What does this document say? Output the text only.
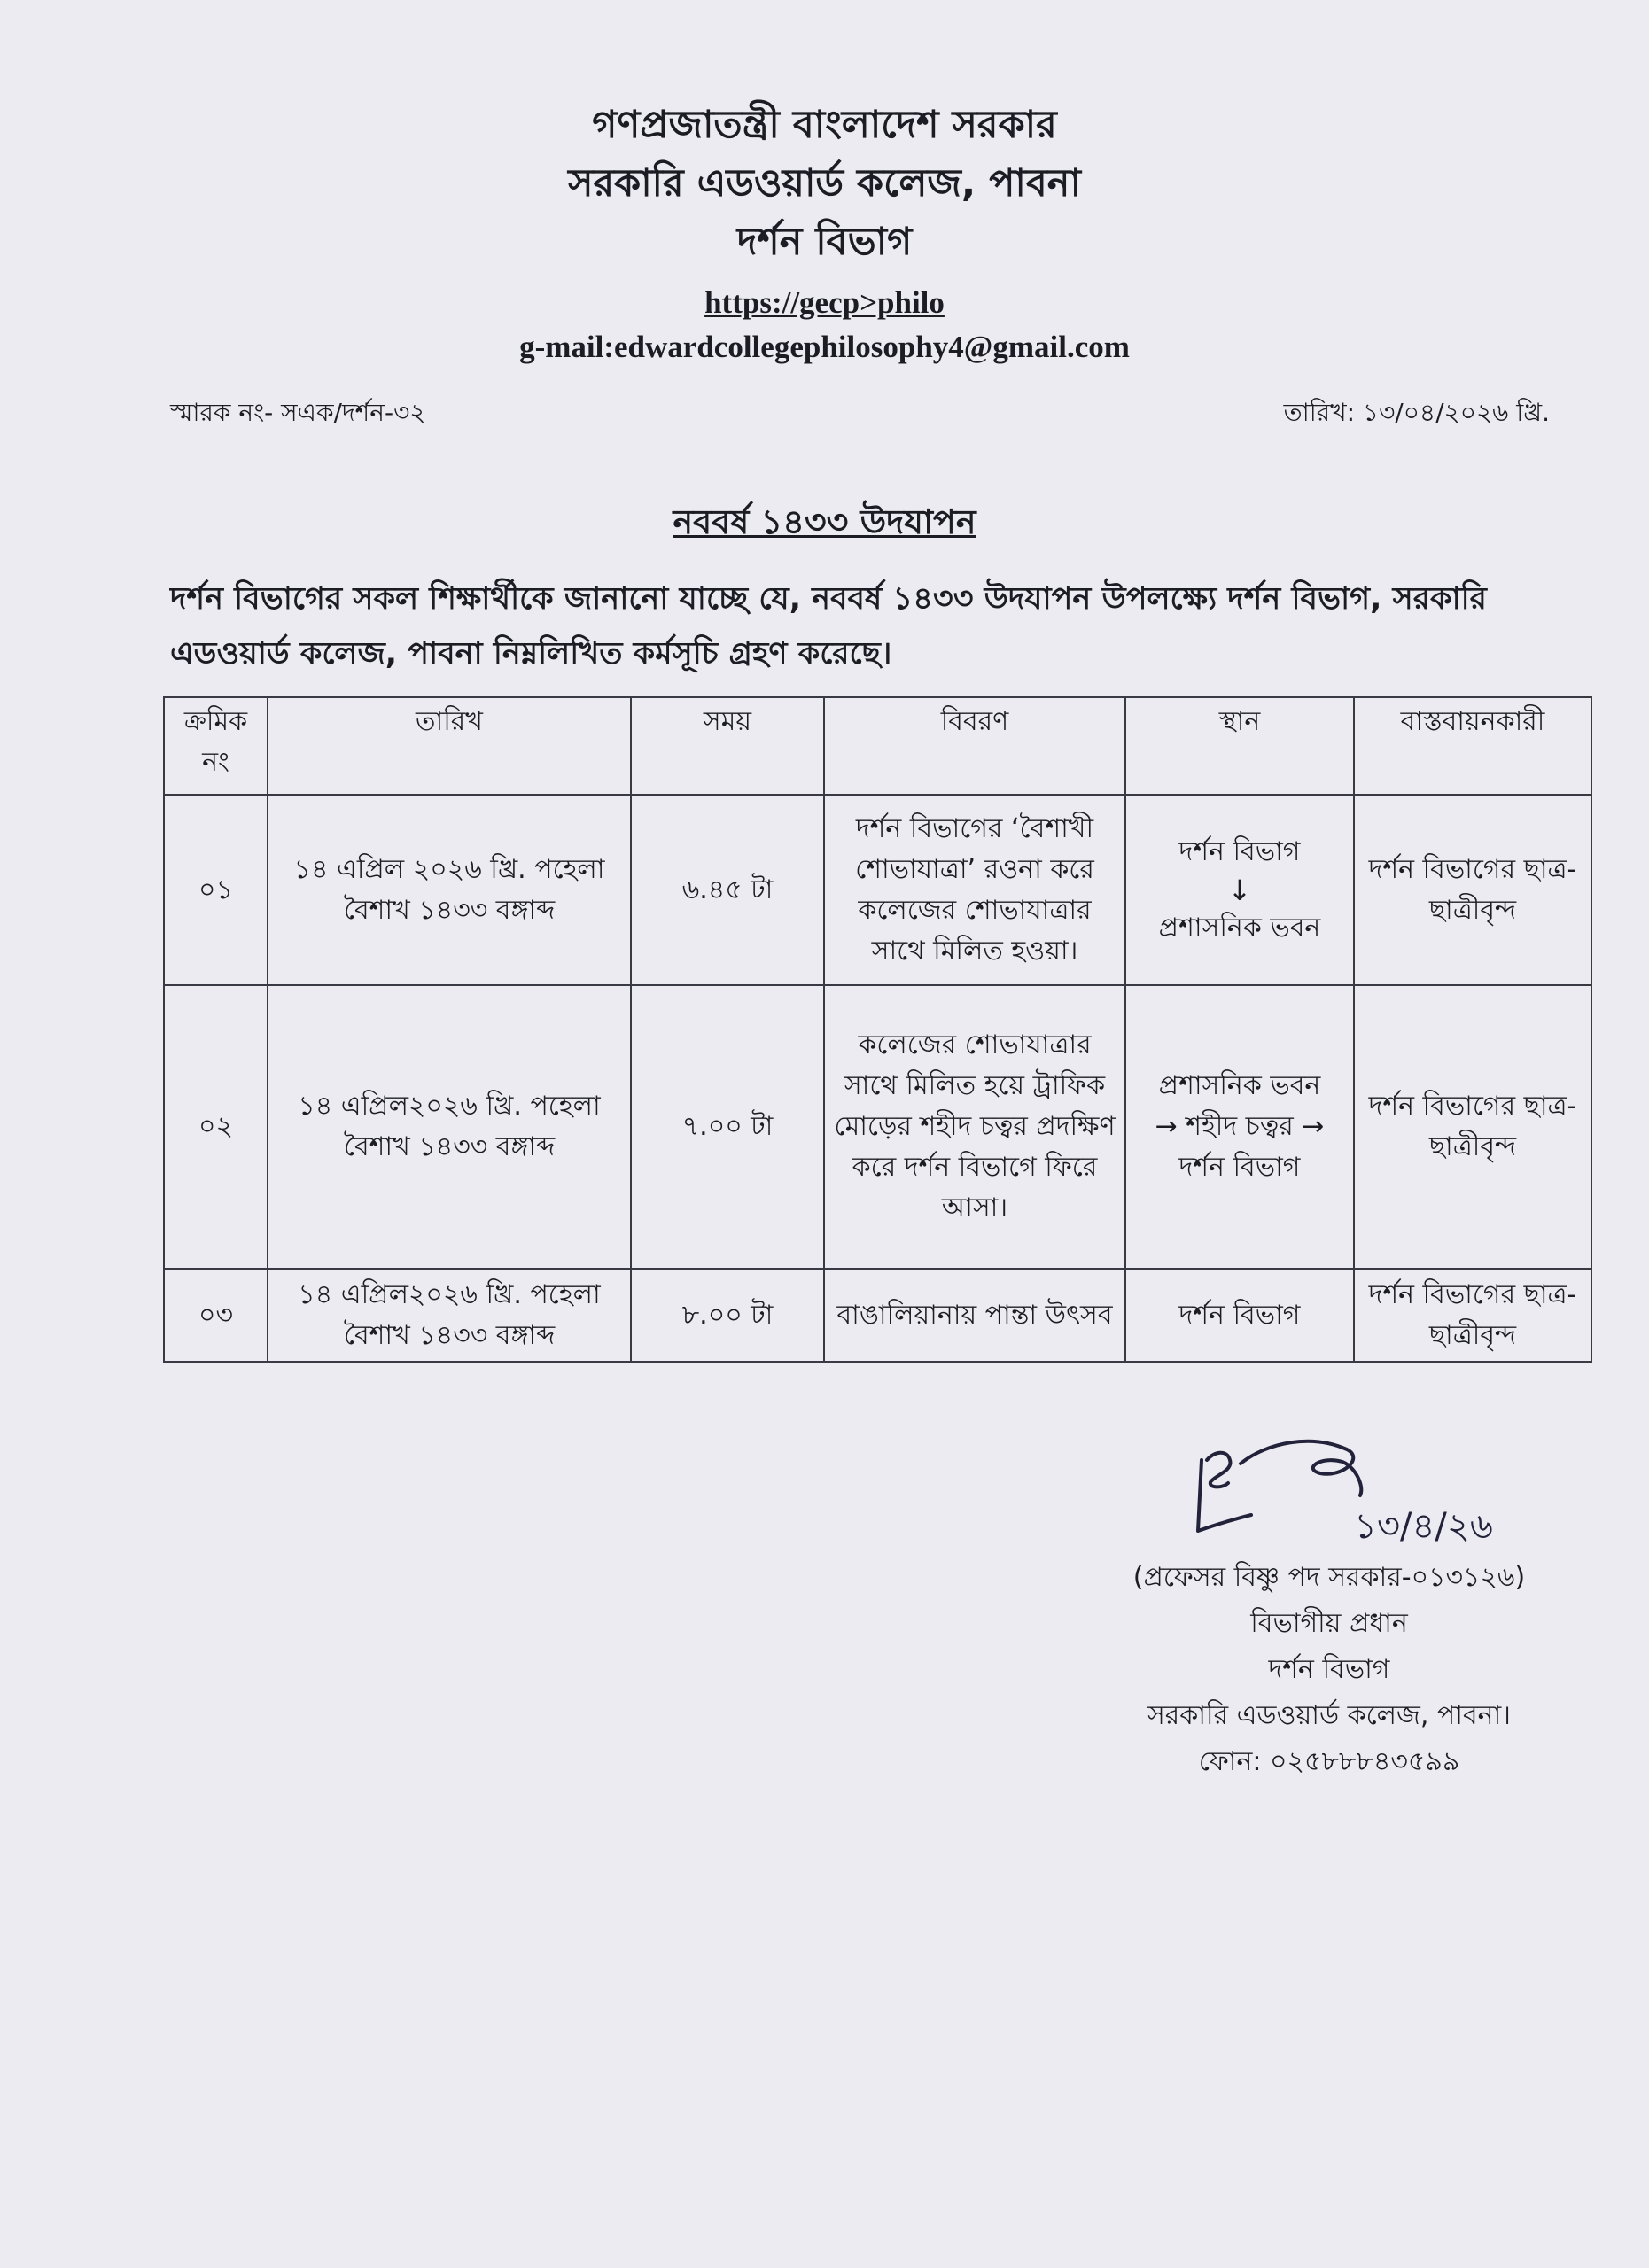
গণপ্রজাতন্ত্রী বাংলাদেশ সরকার
সরকারি এডওয়ার্ড কলেজ, পাবনা
দর্শন বিভাগ
https://gecp>philo
g-mail:edwardcollegephilosophy4@gmail.com
স্মারক নং- সএক/দর্শন-৩২	তারিখ: ১৩/০৪/২০২৬ খ্রি.
নববর্ষ ১৪৩৩ উদযাপন
দর্শন বিভাগের সকল শিক্ষার্থীকে জানানো যাচ্ছে যে, নববর্ষ ১৪৩৩ উদযাপন উপলক্ষ্যে দর্শন বিভাগ, সরকারি এডওয়ার্ড কলেজ, পাবনা নিম্নলিখিত কর্মসূচি গ্রহণ করেছে।
ক্রমিক নং	তারিখ	সময়	বিবরণ	স্থান	বাস্তবায়নকারী
০১	১৪ এপ্রিল ২০২৬ খ্রি. পহেলা বৈশাখ ১৪৩৩ বঙ্গাব্দ	৬.৪৫ টা	দর্শন বিভাগের ‘বৈশাখী শোভাযাত্রা’ রওনা করে কলেজের শোভাযাত্রার সাথে মিলিত হওয়া।	দর্শন বিভাগ
↓
প্রশাসনিক ভবন	দর্শন বিভাগের ছাত্র-ছাত্রীবৃন্দ
০২	১৪ এপ্রিল২০২৬ খ্রি. পহেলা বৈশাখ ১৪৩৩ বঙ্গাব্দ	৭.০০ টা	কলেজের শোভাযাত্রার সাথে মিলিত হয়ে ট্রাফিক মোড়ের শহীদ চত্বর প্রদক্ষিণ করে দর্শন বিভাগে ফিরে আসা।	প্রশাসনিক ভবন
→ শহীদ চত্বর →
দর্শন বিভাগ	দর্শন বিভাগের ছাত্র-ছাত্রীবৃন্দ
০৩	১৪ এপ্রিল২০২৬ খ্রি. পহেলা বৈশাখ ১৪৩৩ বঙ্গাব্দ	৮.০০ টা	বাঙালিয়ানায় পান্তা উৎসব	দর্শন বিভাগ	দর্শন বিভাগের ছাত্র-ছাত্রীবৃন্দ
১৩/৪/২৬
(প্রফেসর বিষ্ণু পদ সরকার-০১৩১২৬)
বিভাগীয় প্রধান
দর্শন বিভাগ
সরকারি এডওয়ার্ড কলেজ, পাবনা।
ফোন: ০২৫৮৮৮৪৩৫৯৯
